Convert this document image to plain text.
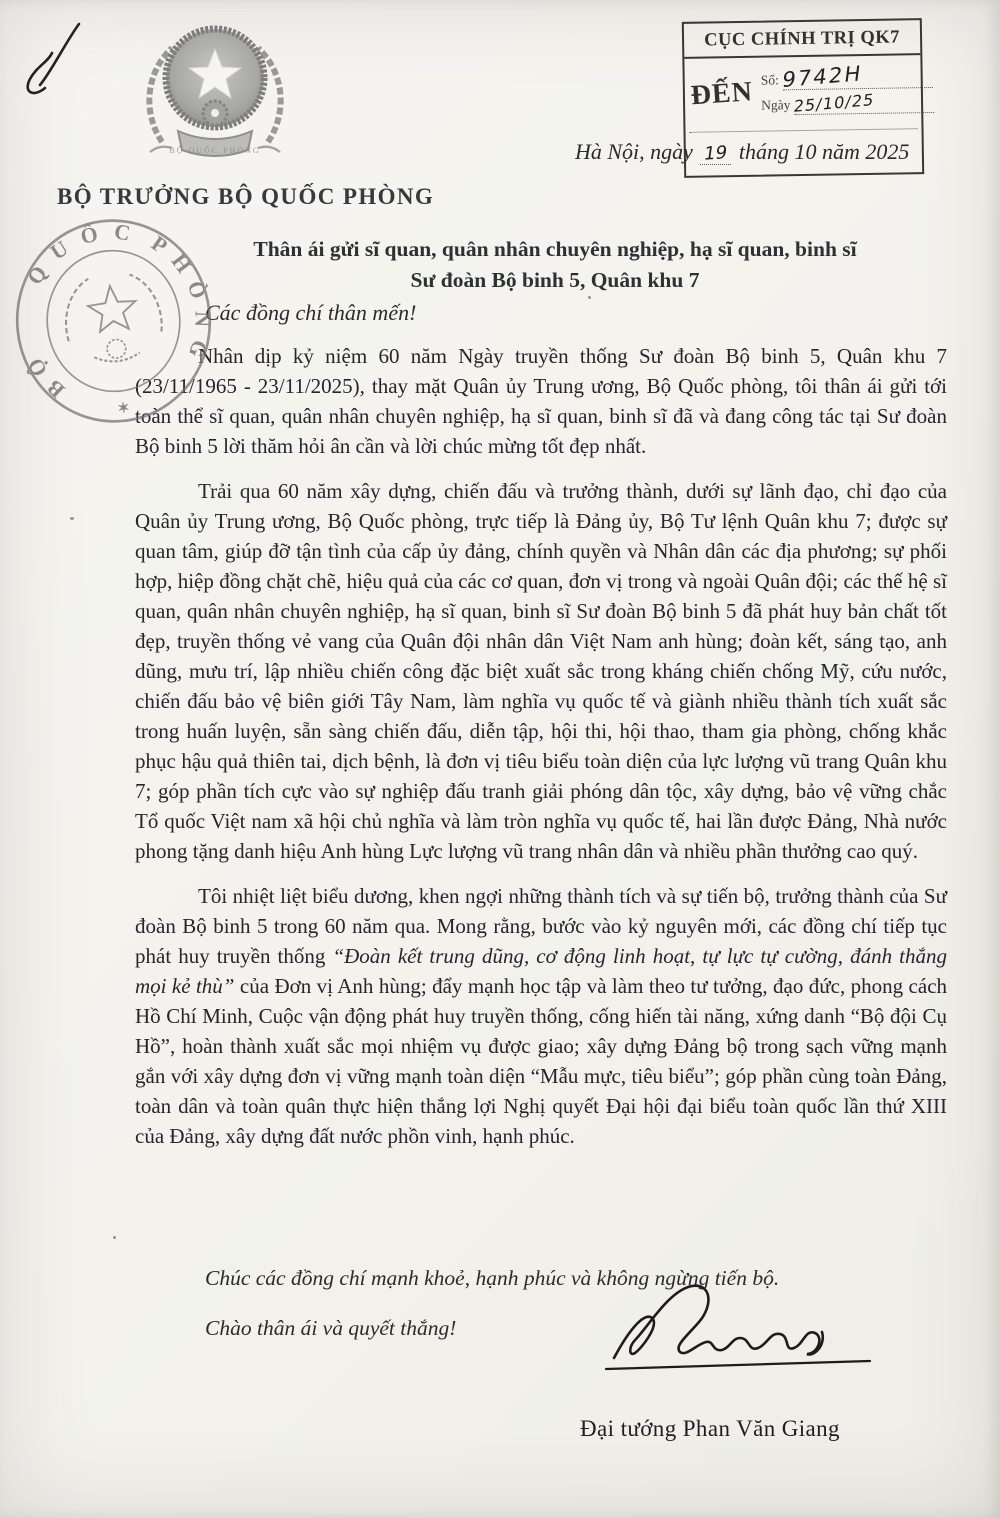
BỘ QUỐC PHÒNG
CỤC CHÍNH TRỊ QK7
ĐẾN Số: 9742H
Ngày 25/10/25
Hà Nội, ngày 19 tháng 10 năm 2025
BỘ TRƯỞNG BỘ QUỐC PHÒNG
BỘ
QUỐC PHÒNG
✶
Thân ái gửi sĩ quan, quân nhân chuyên nghiệp, hạ sĩ quan, binh sĩ
Sư đoàn Bộ binh 5, Quân khu 7
Các đồng chí thân mến!

Nhân dịp kỷ niệm 60 năm Ngày truyền thống Sư đoàn Bộ binh 5, Quân khu 7 (23/11/1965 - 23/11/2025), thay mặt Quân ủy Trung ương, Bộ Quốc phòng, tôi thân ái gửi tới toàn thể sĩ quan, quân nhân chuyên nghiệp, hạ sĩ quan, binh sĩ đã và đang công tác tại Sư đoàn Bộ binh 5 lời thăm hỏi ân cần và lời chúc mừng tốt đẹp nhất.

Trải qua 60 năm xây dựng, chiến đấu và trưởng thành, dưới sự lãnh đạo, chỉ đạo của Quân ủy Trung ương, Bộ Quốc phòng, trực tiếp là Đảng ủy, Bộ Tư lệnh Quân khu 7; được sự quan tâm, giúp đỡ tận tình của cấp ủy đảng, chính quyền và Nhân dân các địa phương; sự phối hợp, hiệp đồng chặt chẽ, hiệu quả của các cơ quan, đơn vị trong và ngoài Quân đội; các thế hệ sĩ quan, quân nhân chuyên nghiệp, hạ sĩ quan, binh sĩ Sư đoàn Bộ binh 5 đã phát huy bản chất tốt đẹp, truyền thống vẻ vang của Quân đội nhân dân Việt Nam anh hùng; đoàn kết, sáng tạo, anh dũng, mưu trí, lập nhiều chiến công đặc biệt xuất sắc trong kháng chiến chống Mỹ, cứu nước, chiến đấu bảo vệ biên giới Tây Nam, làm nghĩa vụ quốc tế và giành nhiều thành tích xuất sắc trong huấn luyện, sẵn sàng chiến đấu, diễn tập, hội thi, hội thao, tham gia phòng, chống khắc phục hậu quả thiên tai, dịch bệnh, là đơn vị tiêu biểu toàn diện của lực lượng vũ trang Quân khu 7; góp phần tích cực vào sự nghiệp đấu tranh giải phóng dân tộc, xây dựng, bảo vệ vững chắc Tổ quốc Việt nam xã hội chủ nghĩa và làm tròn nghĩa vụ quốc tế, hai lần được Đảng, Nhà nước phong tặng danh hiệu Anh hùng Lực lượng vũ trang nhân dân và nhiều phần thưởng cao quý.

Tôi nhiệt liệt biểu dương, khen ngợi những thành tích và sự tiến bộ, trưởng thành của Sư đoàn Bộ binh 5 trong 60 năm qua. Mong rằng, bước vào kỷ nguyên mới, các đồng chí tiếp tục phát huy truyền thống “Đoàn kết trung dũng, cơ động linh hoạt, tự lực tự cường, đánh thắng mọi kẻ thù” của Đơn vị Anh hùng; đẩy mạnh học tập và làm theo tư tưởng, đạo đức, phong cách Hồ Chí Minh, Cuộc vận động phát huy truyền thống, cống hiến tài năng, xứng danh “Bộ đội Cụ Hồ”, hoàn thành xuất sắc mọi nhiệm vụ được giao; xây dựng Đảng bộ trong sạch vững mạnh gắn với xây dựng đơn vị vững mạnh toàn diện “Mẫu mực, tiêu biểu”; góp phần cùng toàn Đảng, toàn dân và toàn quân thực hiện thắng lợi Nghị quyết Đại hội đại biểu toàn quốc lần thứ XIII của Đảng, xây dựng đất nước phồn vinh, hạnh phúc.

Chúc các đồng chí mạnh khoẻ, hạnh phúc và không ngừng tiến bộ.
Chào thân ái và quyết thắng!
Đại tướng Phan Văn Giang
